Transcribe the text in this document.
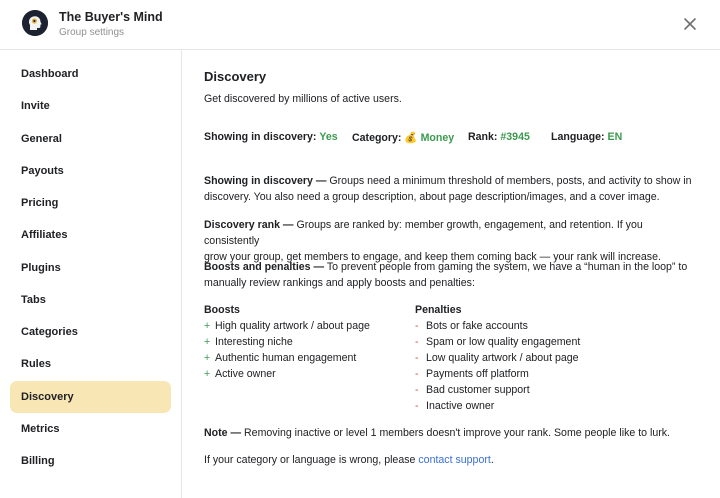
The Buyer's Mind
Group settings
Dashboard
Invite
General
Payouts
Pricing
Affiliates
Plugins
Tabs
Categories
Rules
Discovery
Metrics
Billing
Discovery
Get discovered by millions of active users.
Showing in discovery: Yes Category: 💰 Money Rank: #3945 Language: EN
Showing in discovery — Groups need a minimum threshold of members, posts, and activity to show in
discovery. You also need a group description, about page description/images, and a cover image.
Discovery rank — Groups are ranked by: member growth, engagement, and retention. If you consistently
grow your group, get members to engage, and keep them coming back — your rank will increase.
Boosts and penalties — To prevent people from gaming the system, we have a “human in the loop” to
manually review rankings and apply boosts and penalties:
Boosts
+ High quality artwork / about page
+ Interesting niche
+ Authentic human engagement
+ Active owner
Penalties
- Bots or fake accounts
- Spam or low quality engagement
- Low quality artwork / about page
- Payments off platform
- Bad customer support
- Inactive owner
Note — Removing inactive or level 1 members doesn't improve your rank. Some people like to lurk.
If your category or language is wrong, please contact support.
